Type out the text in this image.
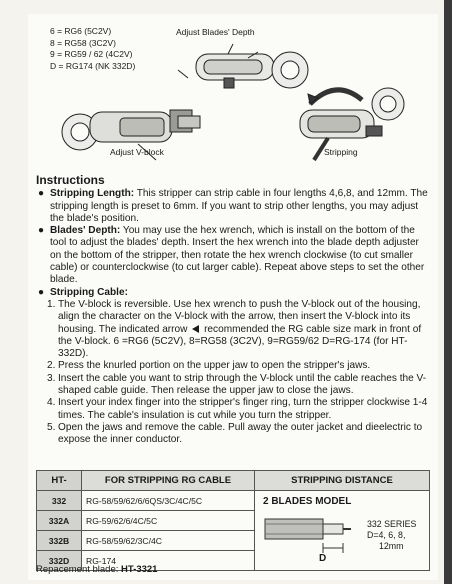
6 = RG6 (5C2V)
8 = RG58 (3C2V)
9 = RG59 / 62 (4C2V)
D = RG174 (NK 332D)
Adjust Blades' Depth
Adjust V-block	Stripping
Instructions

● Stripping Length: This stripper can strip cable in four lengths 4,6,8, and 12mm. The stripping length is preset to 6mm. If you want to strip other lengths, you may adjust the blade's position.

● Blades' Depth: You may use the hex wrench, which is install on the bottom of the tool to adjust the blades' depth. Insert the hex wrench into the blade depth adjuster on the bottom of the stripper, then rotate the hex wrench clockwise (to cut smaller cable) or counterclockwise (to cut larger cable). Repeat above steps to set the other blade.

● Stripping Cable:

1. The V-block is reversible. Use hex wrench to push the V-block out of the housing, align the character on the V-block with the arrow, then insert the V-block into its housing. The indicated arrow recommended the RG cable size mark in front of the V-block. 6 =RG6 (5C2V), 8=RG58 (3C2V), 9=RG59/62 D=RG-174 (for HT-332D).
2. Press the knurled portion on the upper jaw to open the stripper's jaws.
3. Insert the cable you want to strip through the V-block until the cable reaches the V-shaped cable guide. Then release the upper jaw to close the jaws.
4. Insert your index finger into the stripper's finger ring, turn the stripper clockwise 1-4 times. The cable's insulation is cut while you turn the stripper.
5. Open the jaws and remove the cable. Pull away the outer jacket and dieelectric to expose the inner conductor.
HT-	FOR STRIPPING RG CABLE	STRIPPING DISTANCE
332	RG-58/59/62/6/6QS/3C/4C/5C	2 BLADES MODEL
D
332 SERIES
D=4, 6, 8,
12mm

332A	RG-59/62/6/4C/5C	
332B	RG-58/59/62/3C/4C	
332D	RG-174	
Repacement blade: HT-3321
